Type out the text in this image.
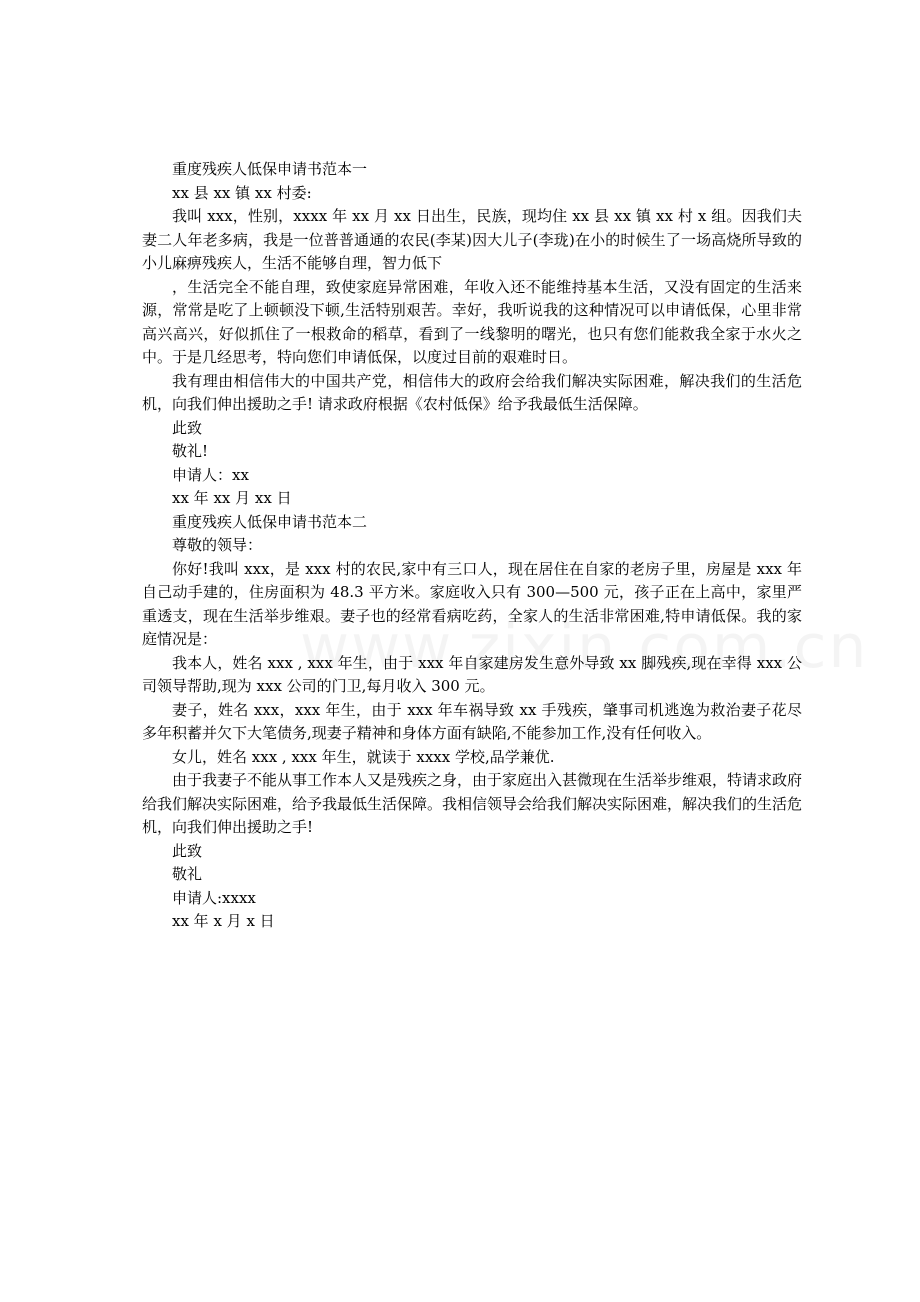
重度残疾人低保申请书范本一

xx 县 xx 镇 xx 村委:

我叫 xxx，性别，xxxx 年 xx 月 xx 日出生，民族，现均住 xx 县 xx 镇 xx 村 x 组。因我们夫妻二人年老多病，我是一位普普通通的农民(李某)因大儿子(李珑)在小的时候生了一场高烧所导致的小儿麻痹残疾人，生活不能够自理，智力低下

，生活完全不能自理，致使家庭异常困难，年收入还不能维持基本生活，又没有固定的生活来源，常常是吃了上顿顿没下顿,生活特别艰苦。幸好，我听说我的这种情况可以申请低保，心里非常高兴高兴，好似抓住了一根救命的稻草，看到了一线黎明的曙光，也只有您们能救我全家于水火之中。于是几经思考，特向您们申请低保，以度过目前的艰难时日。

我有理由相信伟大的中国共产党，相信伟大的政府会给我们解决实际困难，解决我们的生活危机，向我们伸出援助之手! 请求政府根据《农村低保》给予我最低生活保障。

此致

敬礼!

申请人：xx

xx 年 xx 月 xx 日

重度残疾人低保申请书范本二

尊敬的领导：

你好!我叫 xxx，是 xxx 村的农民,家中有三口人，现在居住在自家的老房子里，房屋是 xxx 年自己动手建的，住房面积为 48.3 平方米。家庭收入只有 300—500 元，孩子正在上高中，家里严重透支，现在生活举步维艰。妻子也的经常看病吃药，全家人的生活非常困难,特申请低保。我的家庭情况是：

我本人，姓名 xxx , xxx 年生，由于 xxx 年自家建房发生意外导致 xx 脚残疾,现在幸得 xxx 公司领导帮助,现为 xxx 公司的门卫,每月收入 300 元。

妻子，姓名 xxx，xxx 年生，由于 xxx 年车祸导致 xx 手残疾，肇事司机逃逸为救治妻子花尽多年积蓄并欠下大笔债务,现妻子精神和身体方面有缺陷,不能参加工作,没有任何收入。

女儿，姓名 xxx , xxx 年生，就读于 xxxx 学校,品学兼优.

由于我妻子不能从事工作本人又是残疾之身，由于家庭出入甚微现在生活举步维艰，特请求政府给我们解决实际困难，给予我最低生活保障。我相信领导会给我们解决实际困难，解决我们的生活危机，向我们伸出援助之手!

此致

敬礼

申请人:xxxx

xx 年 x 月 x 日
